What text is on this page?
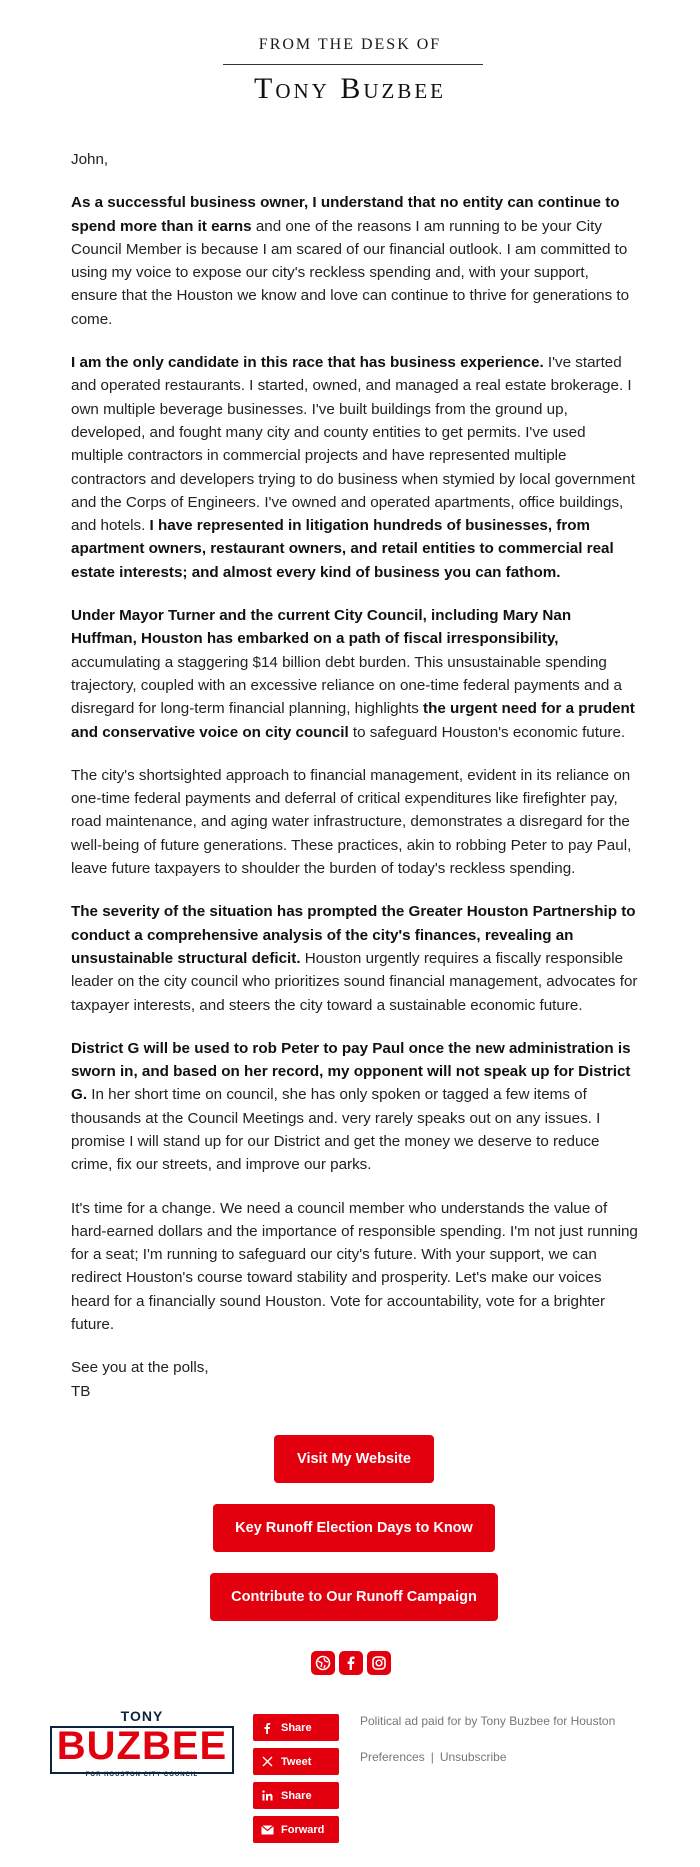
FROM THE DESK OF
Tony Buzbee

John,

As a successful business owner, I understand that no entity can continue to spend more than it earns and one of the reasons I am running to be your City Council Member is because I am scared of our financial outlook. I am committed to using my voice to expose our city's reckless spending and, with your support, ensure that the Houston we know and love can continue to thrive for generations to come.

I am the only candidate in this race that has business experience. I've started and operated restaurants. I started, owned, and managed a real estate brokerage. I own multiple beverage businesses. I've built buildings from the ground up, developed, and fought many city and county entities to get permits. I've used multiple contractors in commercial projects and have represented multiple contractors and developers trying to do business when stymied by local government and the Corps of Engineers. I've owned and operated apartments, office buildings, and hotels. I have represented in litigation hundreds of businesses, from apartment owners, restaurant owners, and retail entities to commercial real estate interests; and almost every kind of business you can fathom.

Under Mayor Turner and the current City Council, including Mary Nan Huffman, Houston has embarked on a path of fiscal irresponsibility, accumulating a staggering $14 billion debt burden. This unsustainable spending trajectory, coupled with an excessive reliance on one-time federal payments and a disregard for long-term financial planning, highlights the urgent need for a prudent and conservative voice on city council to safeguard Houston's economic future.

The city's shortsighted approach to financial management, evident in its reliance on one-time federal payments and deferral of critical expenditures like firefighter pay, road maintenance, and aging water infrastructure, demonstrates a disregard for the well-being of future generations. These practices, akin to robbing Peter to pay Paul, leave future taxpayers to shoulder the burden of today's reckless spending.

The severity of the situation has prompted the Greater Houston Partnership to conduct a comprehensive analysis of the city's finances, revealing an unsustainable structural deficit. Houston urgently requires a fiscally responsible leader on the city council who prioritizes sound financial management, advocates for taxpayer interests, and steers the city toward a sustainable economic future.

District G will be used to rob Peter to pay Paul once the new administration is sworn in, and based on her record, my opponent will not speak up for District G. In her short time on council, she has only spoken or tagged a few items of thousands at the Council Meetings and. very rarely speaks out on any issues. I promise I will stand up for our District and get the money we deserve to reduce crime, fix our streets, and improve our parks.

It's time for a change. We need a council member who understands the value of hard-earned dollars and the importance of responsible spending. I'm not just running for a seat; I'm running to safeguard our city's future. With your support, we can redirect Houston's course toward stability and prosperity. Let's make our voices heard for a financially sound Houston. Vote for accountability, vote for a brighter future.

See you at the polls,
TB

Visit My Website
Key Runoff Election Days to Know
Contribute to Our Runoff Campaign
TONY
BUZBEE
FOR HOUSTON CITY COUNCIL
Share
Tweet
Share
Forward
Political ad paid for by Tony Buzbee for Houston
Preferences | Unsubscribe
